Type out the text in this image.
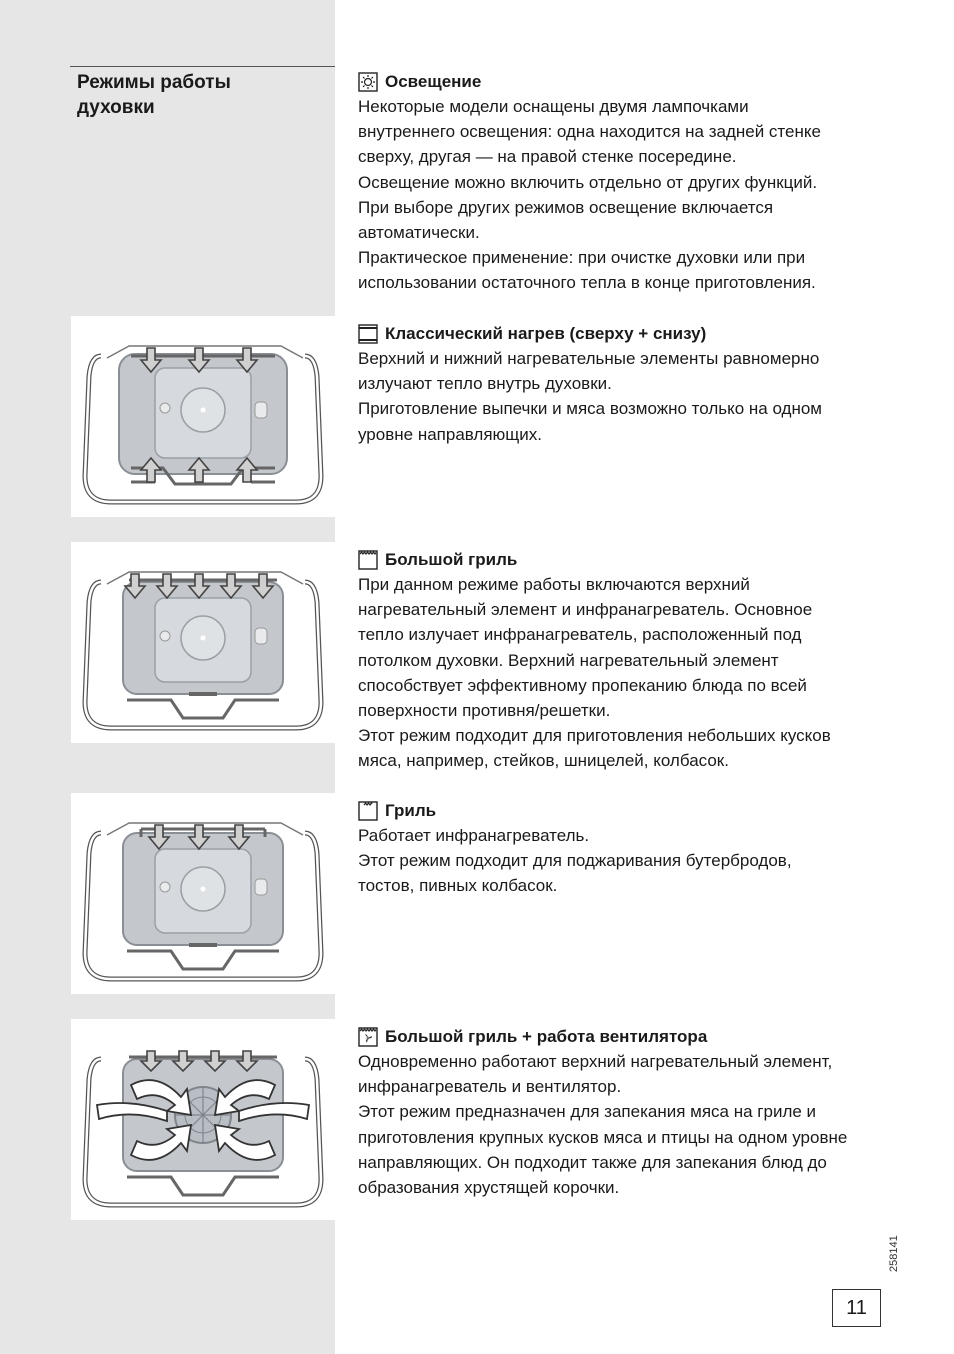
Режимы работы
духовки
Освещение
Некоторые модели оснащены двумя лампочками
внутреннего освещения: одна находится на задней стенке
сверху, другая — на правой стенке посередине.
Освещение можно включить отдельно от других функций.
При выборе других режимов освещение включается
автоматически.
Практическое применение: при очистке духовки или при
использовании остаточного тепла в конце приготовления.
Классический нагрев (сверху + снизу)
Верхний и нижний нагревательные элементы равномерно
излучают тепло внутрь духовки.
Приготовление выпечки и мяса возможно только на одном
уровне направляющих.
Большой гриль
При данном режиме работы включаются верхний
нагревательный элемент и инфранагреватель. Основное
тепло излучает инфранагреватель, расположенный под
потолком духовки. Верхний нагревательный элемент
способствует эффективному пропеканию блюда по всей
поверхности противня/решетки.
Этот режим подходит для приготовления небольших кусков
мяса, например, стейков, шницелей, колбасок.
Гриль
Работает инфранагреватель.
Этот режим подходит для поджаривания бутербродов,
тостов, пивных колбасок.
Большой гриль + работа вентилятора
Одновременно работают верхний нагревательный элемент,
инфранагреватель и вентилятор.
Этот режим предназначен для запекания мяса на гриле и
приготовления крупных кусков мяса и птицы на одном уровне
направляющих. Он подходит также для запекания блюд до
образования хрустящей корочки.
258141
11
